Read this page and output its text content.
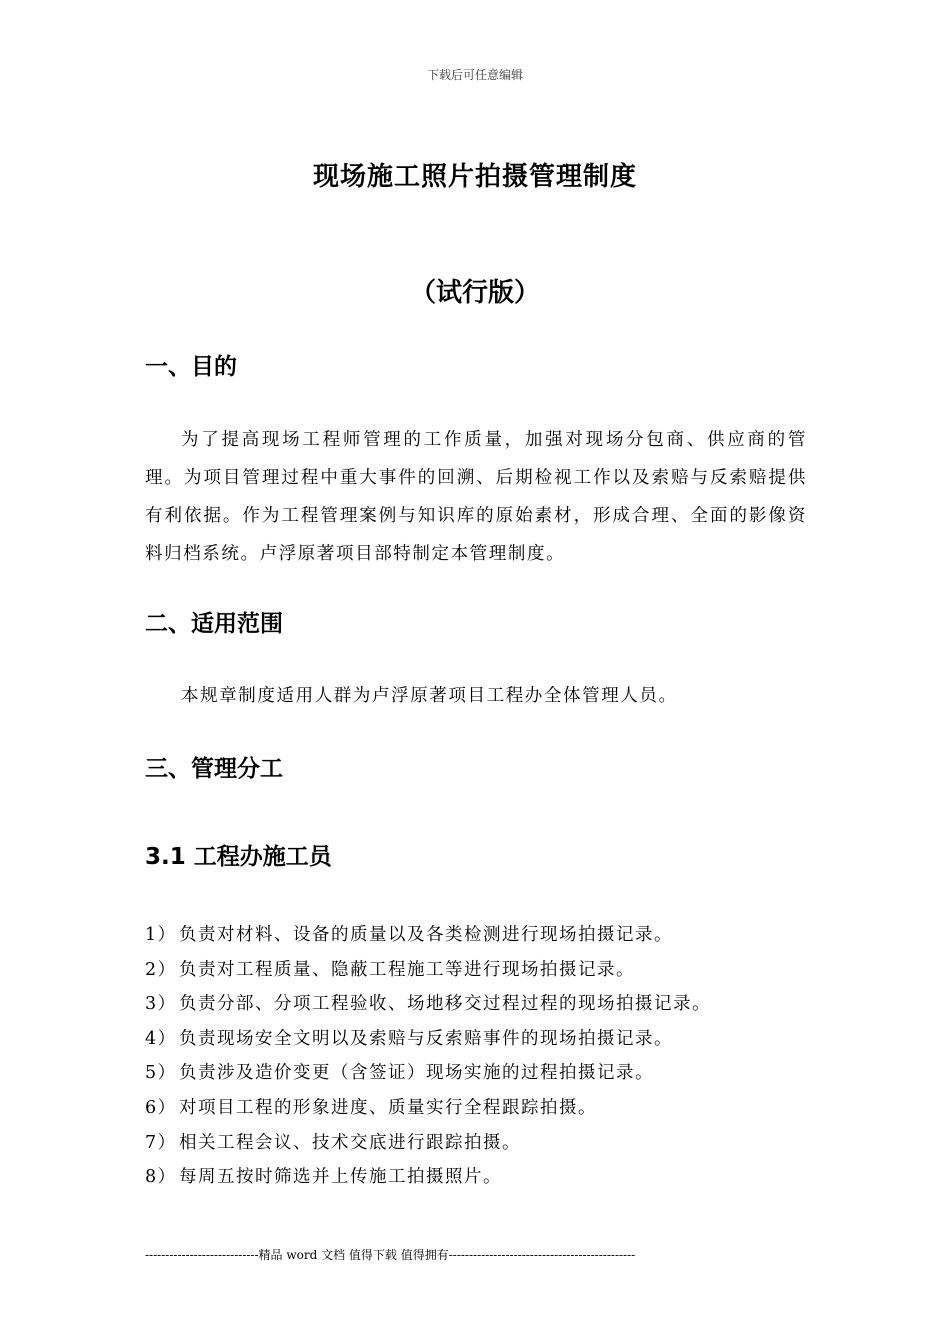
下载后可任意编辑
现场施工照片拍摄管理制度
（试行版）
一、目的

为了提高现场工程师管理的工作质量，加强对现场分包商、供应商的管理。为项目管理过程中重大事件的回溯、后期检视工作以及索赔与反索赔提供有利依据。作为工程管理案例与知识库的原始素材，形成合理、全面的影像资料归档系统。卢浮原著项目部特制定本管理制度。

二、适用范围

本规章制度适用人群为卢浮原著项目工程办全体管理人员。

三、管理分工
3.1 工程办施工员
1） 负责对材料、设备的质量以及各类检测进行现场拍摄记录。
2） 负责对工程质量、隐蔽工程施工等进行现场拍摄记录。
3） 负责分部、分项工程验收、场地移交过程过程的现场拍摄记录。
4） 负责现场安全文明以及索赔与反索赔事件的现场拍摄记录。
5） 负责涉及造价变更（含签证）现场实施的过程拍摄记录。
6） 对项目工程的形象进度、质量实行全程跟踪拍摄。
7） 相关工程会议、技术交底进行跟踪拍摄。
8） 每周五按时筛选并上传施工拍摄照片。
----------------------------精品 word 文档 值得下载 值得拥有----------------------------------------------
